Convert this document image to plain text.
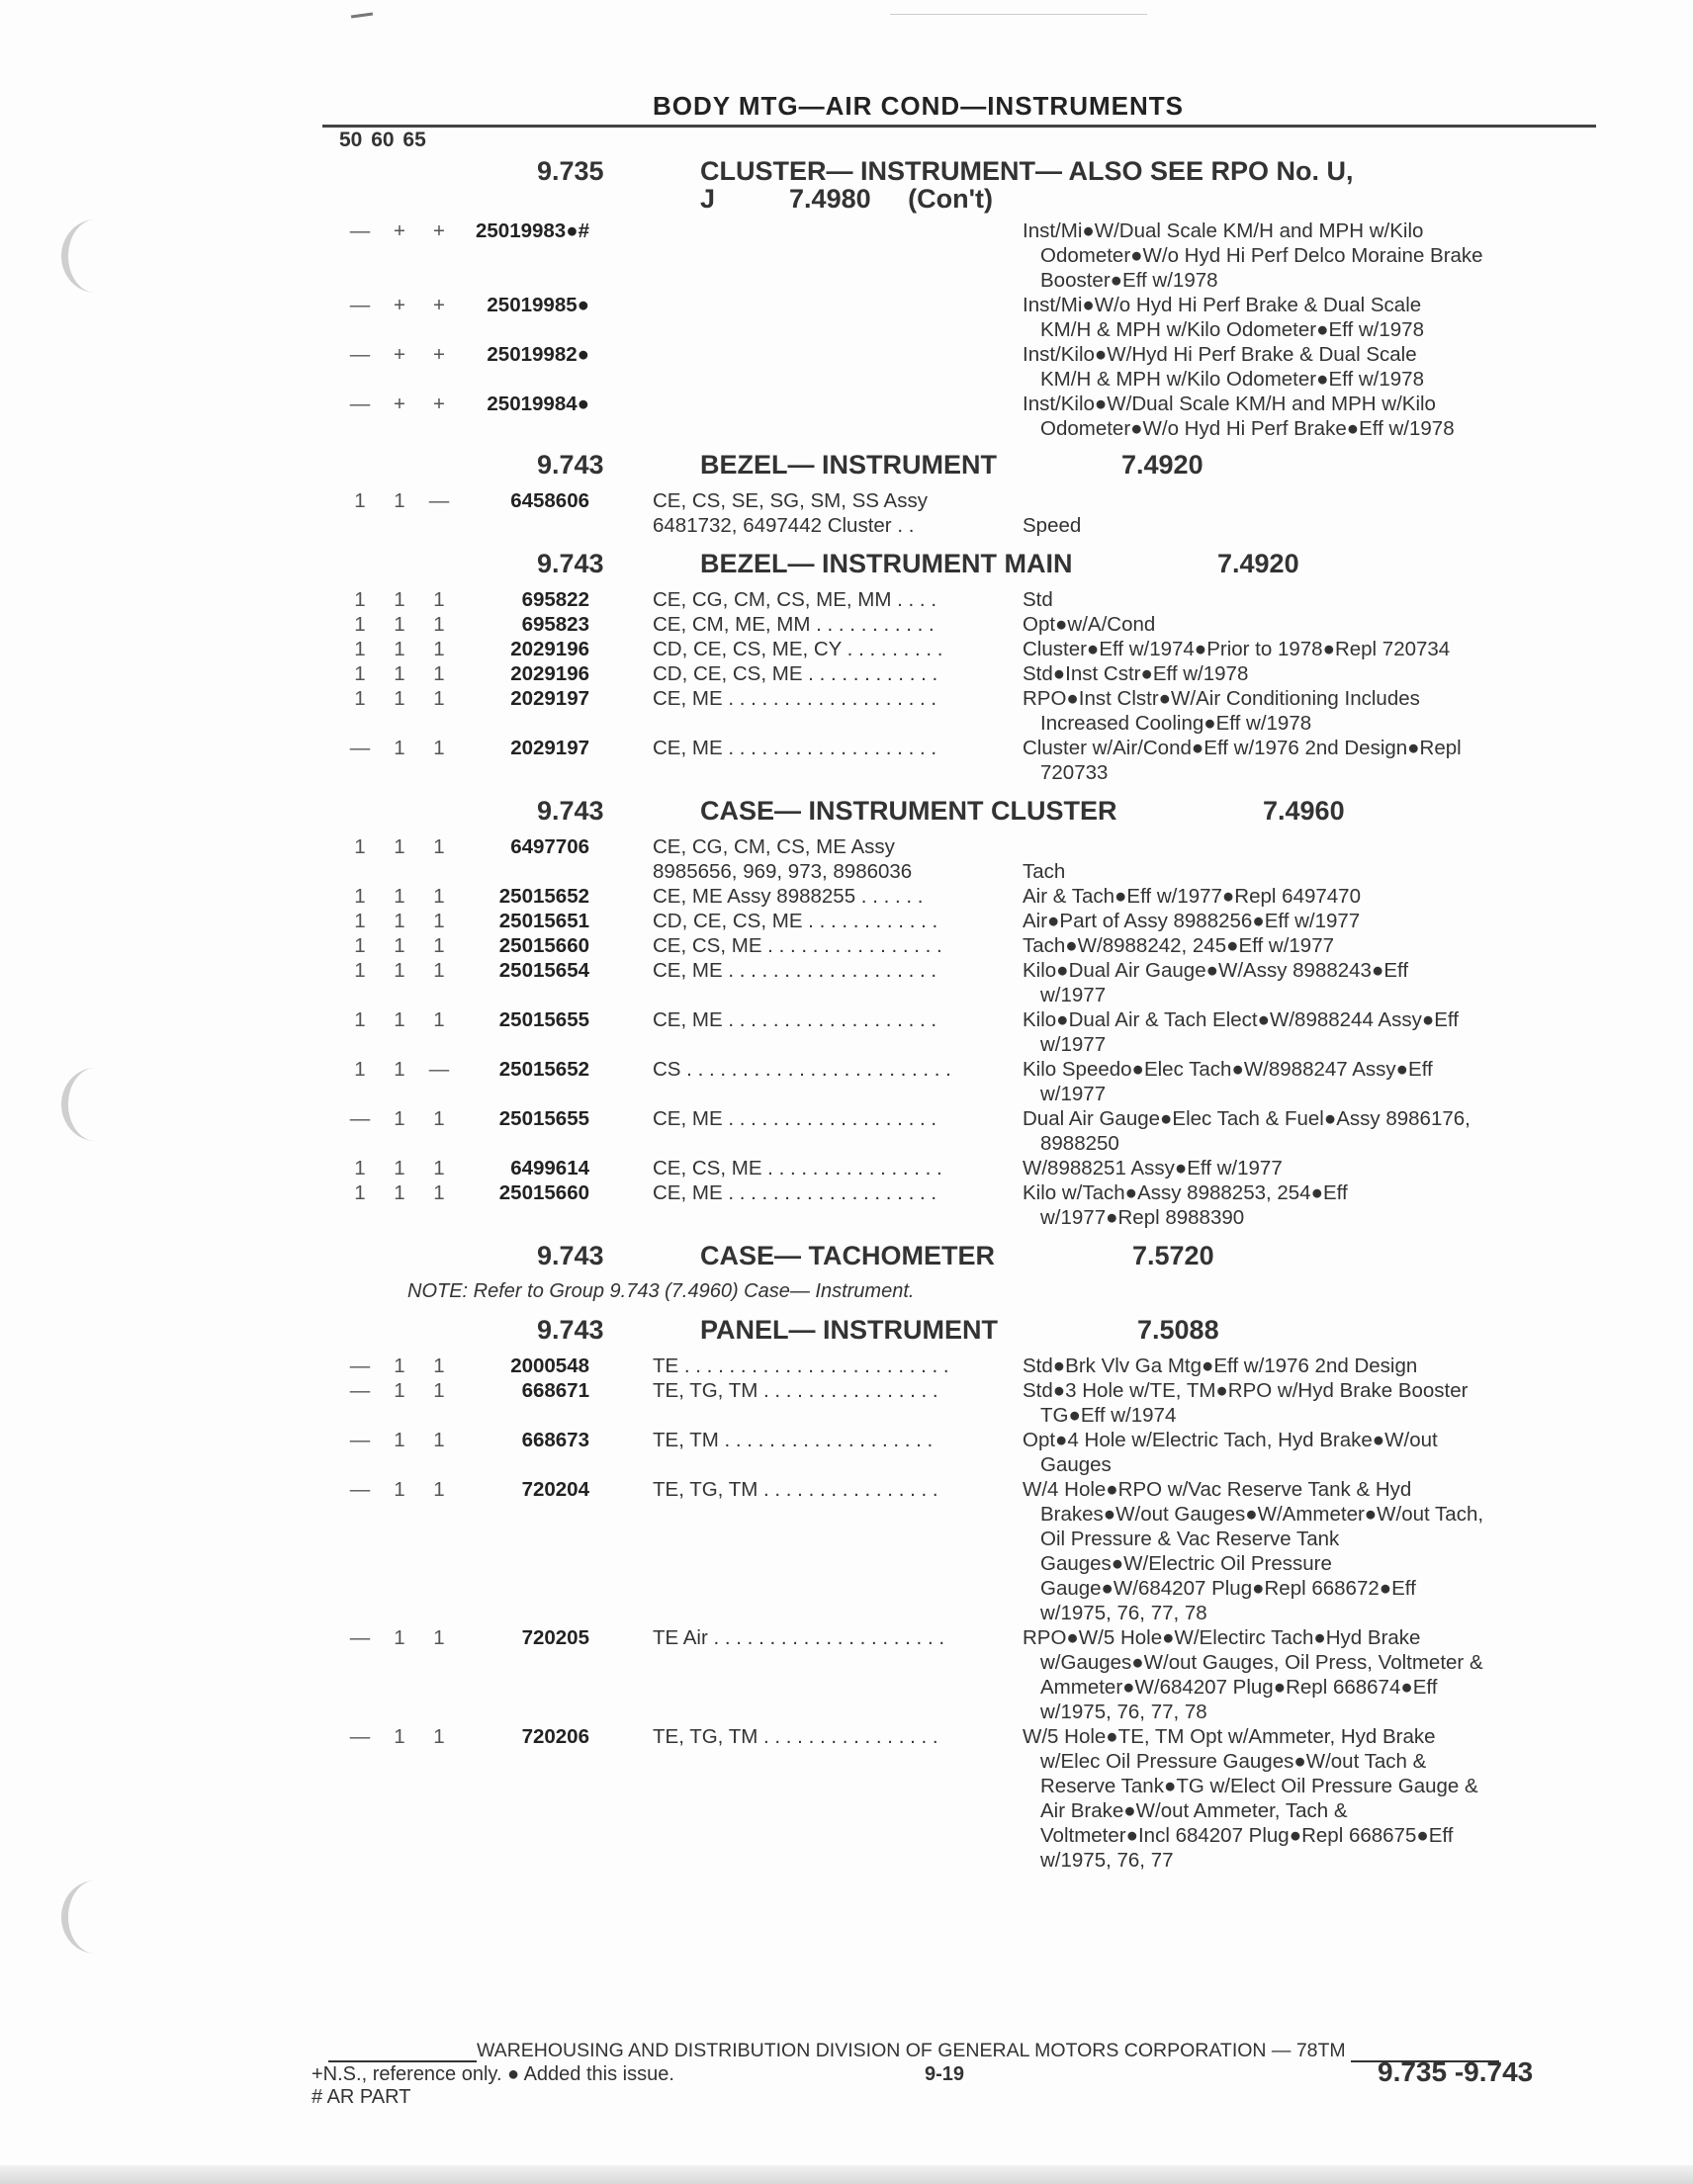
BODY MTG—AIR COND—INSTRUMENTS
50 60 65
9.735	CLUSTER— INSTRUMENT— ALSO SEE RPO No. U,
J          7.4980     (Con't)
— + +	25019983●#	Inst/Mi●W/Dual Scale KM/H and MPH w/Kilo
Odometer●W/o Hyd Hi Perf Delco Moraine Brake
Booster●Eff w/1978
— + +	25019985●	Inst/Mi●W/o Hyd Hi Perf Brake & Dual Scale
KM/H & MPH w/Kilo Odometer●Eff w/1978
— + +	25019982●	Inst/Kilo●W/Hyd Hi Perf Brake & Dual Scale
KM/H & MPH w/Kilo Odometer●Eff w/1978
— + +	25019984●	Inst/Kilo●W/Dual Scale KM/H and MPH w/Kilo
Odometer●W/o Hyd Hi Perf Brake●Eff w/1978
9.743	BEZEL— INSTRUMENT	7.4920
1	1	—	6458606	CE, CS, SE, SG, SM, SS Assy
6481732, 6497442 Cluster . .
	Speed
9.743	BEZEL— INSTRUMENT MAIN	7.4920
1	1	1	695822	CE, CG, CM, CS, ME, MM . . . .	Std
1	1	1	695823	CE, CM, ME, MM . . . . . . . . . . .	Opt●w/A/Cond
1	1	1	2029196	CD, CE, CS, ME, CY . . . . . . . . .	Cluster●Eff w/1974●Prior to 1978●Repl 720734
1	1	1	2029196	CD, CE, CS, ME . . . . . . . . . . . .	Std●Inst Cstr●Eff w/1978
1	1	1	2029197	CE, ME . . . . . . . . . . . . . . . . . . .	RPO●Inst Clstr●W/Air Conditioning Includes
Increased Cooling●Eff w/1978
—	1	1	2029197	CE, ME . . . . . . . . . . . . . . . . . . .	Cluster w/Air/Cond●Eff w/1976 2nd Design●Repl
720733
9.743	CASE— INSTRUMENT CLUSTER	7.4960
1	1	1	6497706	CE, CG, CM, CS, ME Assy
8985656, 969, 973, 8986036
	Tach
1	1	1	25015652	CE, ME Assy 8988255 . . . . . .	Air & Tach●Eff w/1977●Repl 6497470
1	1	1	25015651	CD, CE, CS, ME . . . . . . . . . . . .	Air●Part of Assy 8988256●Eff w/1977
1	1	1	25015660	CE, CS, ME . . . . . . . . . . . . . . . .	Tach●W/8988242, 245●Eff w/1977
1	1	1	25015654	CE, ME . . . . . . . . . . . . . . . . . . .	Kilo●Dual Air Gauge●W/Assy 8988243●Eff
w/1977
1	1	1	25015655	CE, ME . . . . . . . . . . . . . . . . . . .	Kilo●Dual Air & Tach Elect●W/8988244 Assy●Eff
w/1977
1	1	—	25015652	CS . . . . . . . . . . . . . . . . . . . . . . . .	Kilo Speedo●Elec Tach●W/8988247 Assy●Eff
w/1977
—	1	1	25015655	CE, ME . . . . . . . . . . . . . . . . . . .	Dual Air Gauge●Elec Tach & Fuel●Assy 8986176,
8988250
1	1	1	6499614	CE, CS, ME . . . . . . . . . . . . . . . .	W/8988251 Assy●Eff w/1977
1	1	1	25015660	CE, ME . . . . . . . . . . . . . . . . . . .	Kilo w/Tach●Assy 8988253, 254●Eff
w/1977●Repl 8988390
9.743	CASE— TACHOMETER	7.5720
NOTE: Refer to Group 9.743 (7.4960) Case— Instrument.
9.743	PANEL— INSTRUMENT	7.5088
—	1	1	2000548	TE . . . . . . . . . . . . . . . . . . . . . . . .	Std●Brk Vlv Ga Mtg●Eff w/1976 2nd Design
—	1	1	668671	TE, TG, TM . . . . . . . . . . . . . . . .	Std●3 Hole w/TE, TM●RPO w/Hyd Brake Booster
TG●Eff w/1974
—	1	1	668673	TE, TM . . . . . . . . . . . . . . . . . . .	Opt●4 Hole w/Electric Tach, Hyd Brake●W/out
Gauges
—	1	1	720204	TE, TG, TM . . . . . . . . . . . . . . . .	W/4 Hole●RPO w/Vac Reserve Tank & Hyd
Brakes●W/out Gauges●W/Ammeter●W/out Tach,
Oil Pressure & Vac Reserve Tank
Gauges●W/Electric Oil Pressure
Gauge●W/684207 Plug●Repl 668672●Eff
w/1975, 76, 77, 78
—	1	1	720205	TE Air . . . . . . . . . . . . . . . . . . . . .	RPO●W/5 Hole●W/Electirc Tach●Hyd Brake
w/Gauges●W/out Gauges, Oil Press, Voltmeter &
Ammeter●W/684207 Plug●Repl 668674●Eff
w/1975, 76, 77, 78
—	1	1	720206	TE, TG, TM . . . . . . . . . . . . . . . .	W/5 Hole●TE, TM Opt w/Ammeter, Hyd Brake
w/Elec Oil Pressure Gauges●W/out Tach &
Reserve Tank●TG w/Elect Oil Pressure Gauge &
Air Brake●W/out Ammeter, Tach &
Voltmeter●Incl 684207 Plug●Repl 668675●Eff
w/1975, 76, 77
WAREHOUSING AND DISTRIBUTION DIVISION OF GENERAL MOTORS CORPORATION — 78TM
+N.S., reference only. ● Added this issue.	9-19	9.735 -9.743
# AR PART
